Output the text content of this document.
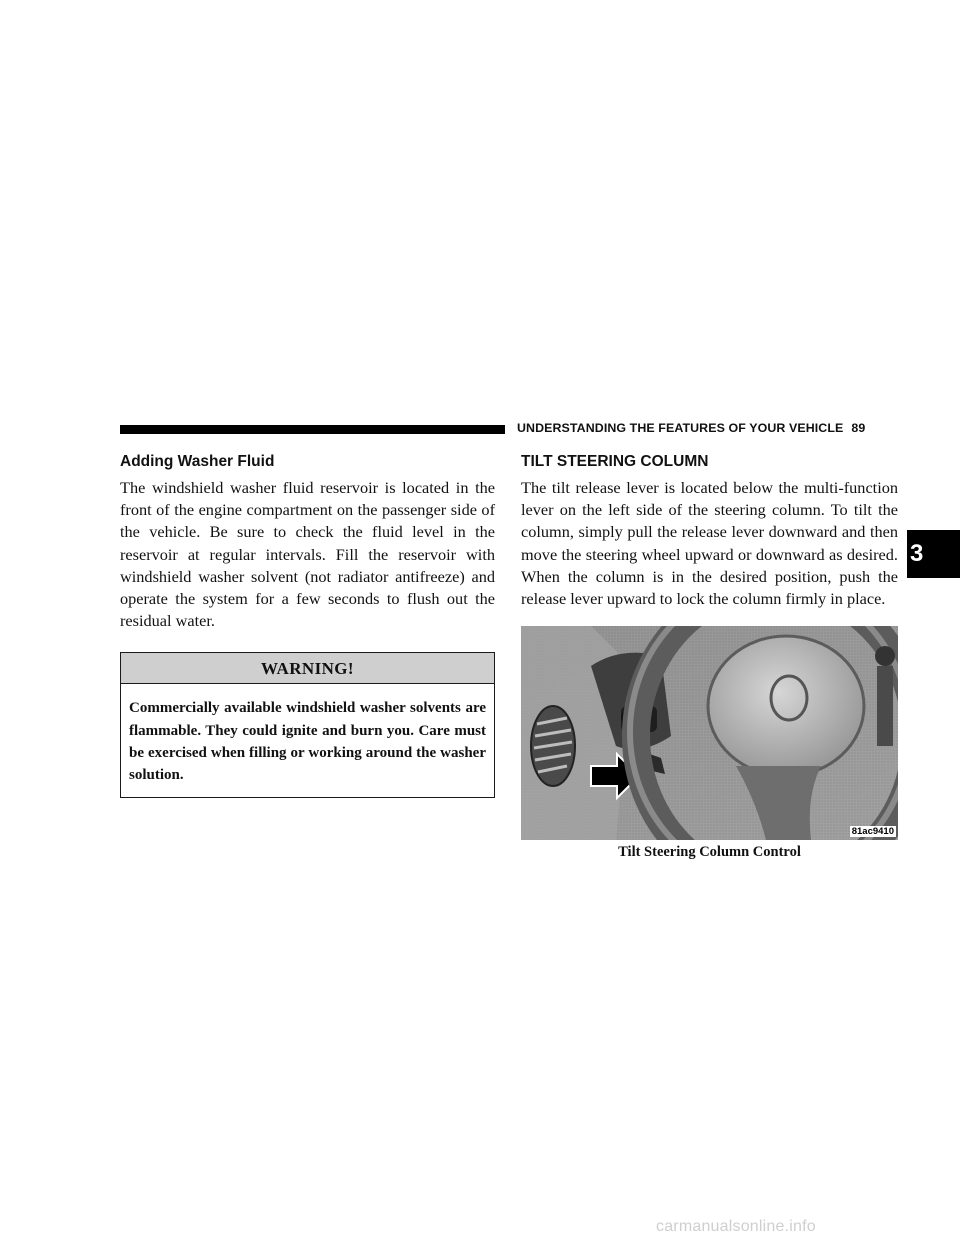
UNDERSTANDING THE FEATURES OF YOUR VEHICLE 89
Adding Washer Fluid

The windshield washer fluid reservoir is located in the front of the engine compartment on the passenger side of the vehicle. Be sure to check the fluid level in the reservoir at regular intervals. Fill the reservoir with windshield washer solvent (not radiator antifreeze) and operate the system for a few seconds to flush out the residual water.

WARNING!
Commercially available windshield washer solvents are flammable. They could ignite and burn you. Care must be exercised when filling or working around the washer solution.
TILT STEERING COLUMN

The tilt release lever is located below the multi-function lever on the left side of the steering column. To tilt the column, simply pull the release lever downward and then move the steering wheel upward or downward as desired. When the column is in the desired position, push the release lever upward to lock the column firmly in place.

81ac9410
Tilt Steering Column Control
3
carmanualsonline.info
